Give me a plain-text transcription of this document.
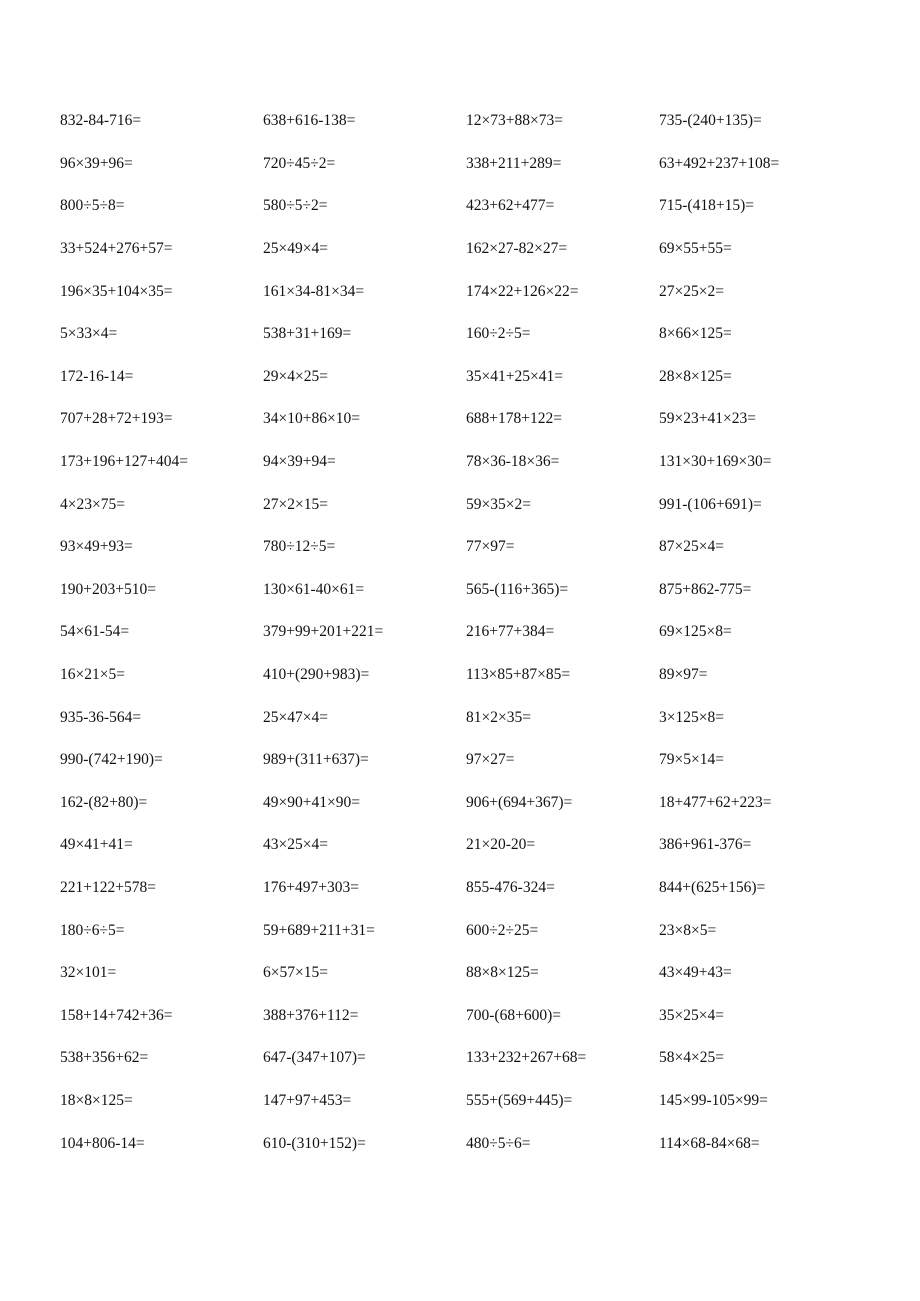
832-84-716=	638+616-138=	12×73+88×73=	735-(240+135)=
96×39+96=	720÷45÷2=	338+211+289=	63+492+237+108=
800÷5÷8=	580÷5÷2=	423+62+477=	715-(418+15)=
33+524+276+57=	25×49×4=	162×27-82×27=	69×55+55=
196×35+104×35=	161×34-81×34=	174×22+126×22=	27×25×2=
5×33×4=	538+31+169=	160÷2÷5=	8×66×125=
172-16-14=	29×4×25=	35×41+25×41=	28×8×125=
707+28+72+193=	34×10+86×10=	688+178+122=	59×23+41×23=
173+196+127+404=	94×39+94=	78×36-18×36=	131×30+169×30=
4×23×75=	27×2×15=	59×35×2=	991-(106+691)=
93×49+93=	780÷12÷5=	77×97=	87×25×4=
190+203+510=	130×61-40×61=	565-(116+365)=	875+862-775=
54×61-54=	379+99+201+221=	216+77+384=	69×125×8=
16×21×5=	410+(290+983)=	113×85+87×85=	89×97=
935-36-564=	25×47×4=	81×2×35=	3×125×8=
990-(742+190)=	989+(311+637)=	97×27=	79×5×14=
162-(82+80)=	49×90+41×90=	906+(694+367)=	18+477+62+223=
49×41+41=	43×25×4=	21×20-20=	386+961-376=
221+122+578=	176+497+303=	855-476-324=	844+(625+156)=
180÷6÷5=	59+689+211+31=	600÷2÷25=	23×8×5=
32×101=	6×57×15=	88×8×125=	43×49+43=
158+14+742+36=	388+376+112=	700-(68+600)=	35×25×4=
538+356+62=	647-(347+107)=	133+232+267+68=	58×4×25=
18×8×125=	147+97+453=	555+(569+445)=	145×99-105×99=
104+806-14=	610-(310+152)=	480÷5÷6=	114×68-84×68=
